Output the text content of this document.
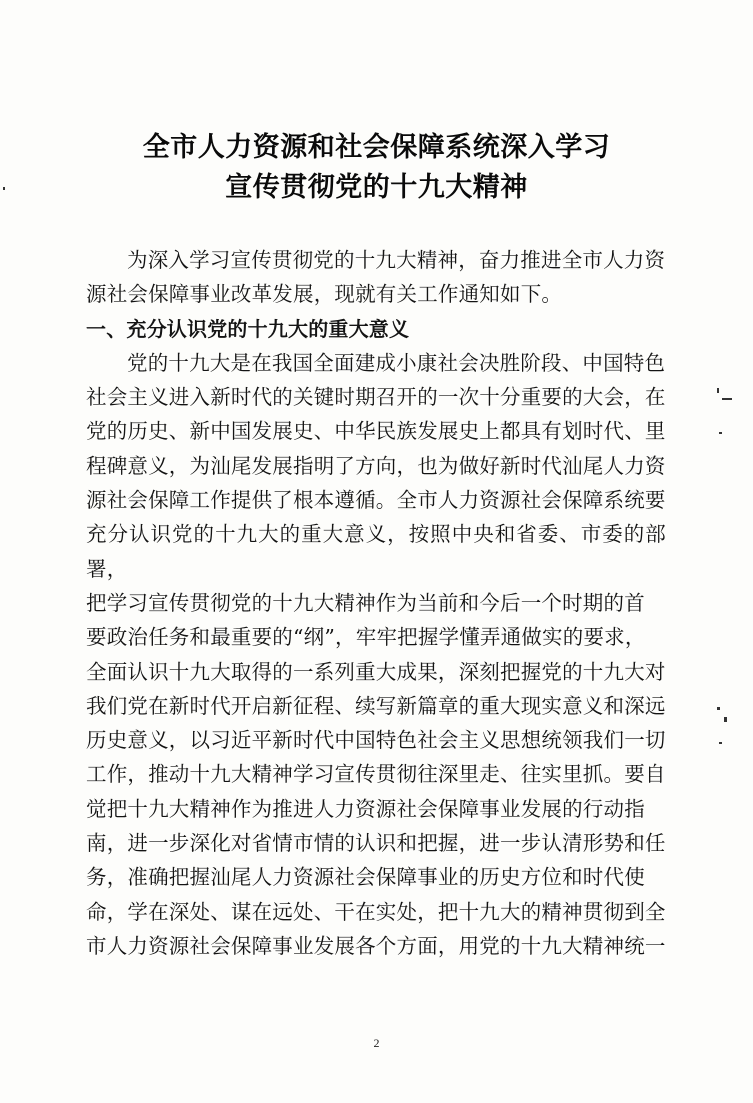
全市人力资源和社会保障系统深入学习
宣传贯彻党的十九大精神

为深入学习宣传贯彻党的十九大精神，奋力推进全市人力资
源社会保障事业改革发展，现就有关工作通知如下。

一、充分认识党的十九大的重大意义

党的十九大是在我国全面建成小康社会决胜阶段、中国特色
社会主义进入新时代的关键时期召开的一次十分重要的大会，在
党的历史、新中国发展史、中华民族发展史上都具有划时代、里
程碑意义，为汕尾发展指明了方向，也为做好新时代汕尾人力资
源社会保障工作提供了根本遵循。全市人力资源社会保障系统要
充分认识党的十九大的重大意义，按照中央和省委、市委的部署，
把学习宣传贯彻党的十九大精神作为当前和今后一个时期的首
要政治任务和最重要的“纲”，牢牢把握学懂弄通做实的要求，
全面认识十九大取得的一系列重大成果，深刻把握党的十九大对
我们党在新时代开启新征程、续写新篇章的重大现实意义和深远
历史意义，以习近平新时代中国特色社会主义思想统领我们一切
工作，推动十九大精神学习宣传贯彻往深里走、往实里抓。要自
觉把十九大精神作为推进人力资源社会保障事业发展的行动指
南，进一步深化对省情市情的认识和把握，进一步认清形势和任
务，准确把握汕尾人力资源社会保障事业的历史方位和时代使
命，学在深处、谋在远处、干在实处，把十九大的精神贯彻到全
市人力资源社会保障事业发展各个方面，用党的十九大精神统一

2
